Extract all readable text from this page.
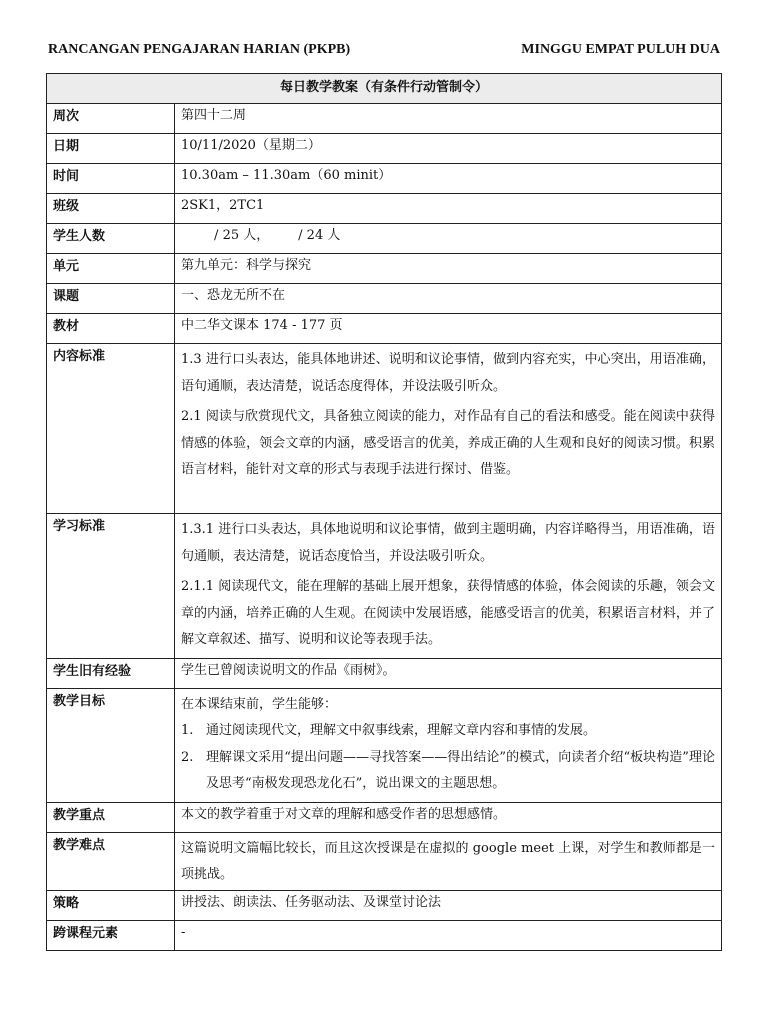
RANCANGAN PENGAJARAN HARIAN (PKPB)	MINGGU EMPAT PULUH DUA
每日教学教案（有条件行动管制令）	
周次	第四十二周
日期	10/11/2020（星期二）
时间	10.30am – 11.30am（60 minit）
班级	2SK1，2TC1
学生人数	/ 25 人，       / 24 人
单元	第九单元：科学与探究
课题	一、恐龙无所不在
教材	中二华文课本 174 - 177 页
内容标准	1.3 进行口头表达，能具体地讲述、说明和议论事情，做到内容充实，中心突出，用语准确，语句通顺，表达清楚，说话态度得体，并设法吸引听众。

2.1 阅读与欣赏现代文，具备独立阅读的能力，对作品有自己的看法和感受。能在阅读中获得情感的体验，领会文章的内涵，感受语言的优美，养成正确的人生观和良好的阅读习惯。积累语言材料，能针对文章的形式与表现手法进行探讨、借鉴。

学习标准	1.3.1 进行口头表达，具体地说明和议论事情，做到主题明确，内容详略得当，用语准确，语句通顺，表达清楚，说话态度恰当，并设法吸引听众。

2.1.1 阅读现代文，能在理解的基础上展开想象，获得情感的体验，体会阅读的乐趣，领会文章的内涵，培养正确的人生观。在阅读中发展语感，能感受语言的优美，积累语言材料，并了解文章叙述、描写、说明和议论等表现手法。

学生旧有经验	学生已曾阅读说明文的作品《雨树》。
教学目标	在本课结束前，学生能够：
1. 通过阅读现代文，理解文中叙事线索，理解文章内容和事情的发展。
2. 理解课文采用“提出问题——寻找答案——得出结论”的模式，向读者介绍“板块构造”理论及思考“南极发现恐龙化石”，说出课文的主题思想。

教学重点	本文的教学着重于对文章的理解和感受作者的思想感情。
教学难点	这篇说明文篇幅比较长，而且这次授课是在虚拟的 google meet 上课，对学生和教师都是一项挑战。

策略	讲授法、朗读法、任务驱动法、及课堂讨论法
跨课程元素	-
